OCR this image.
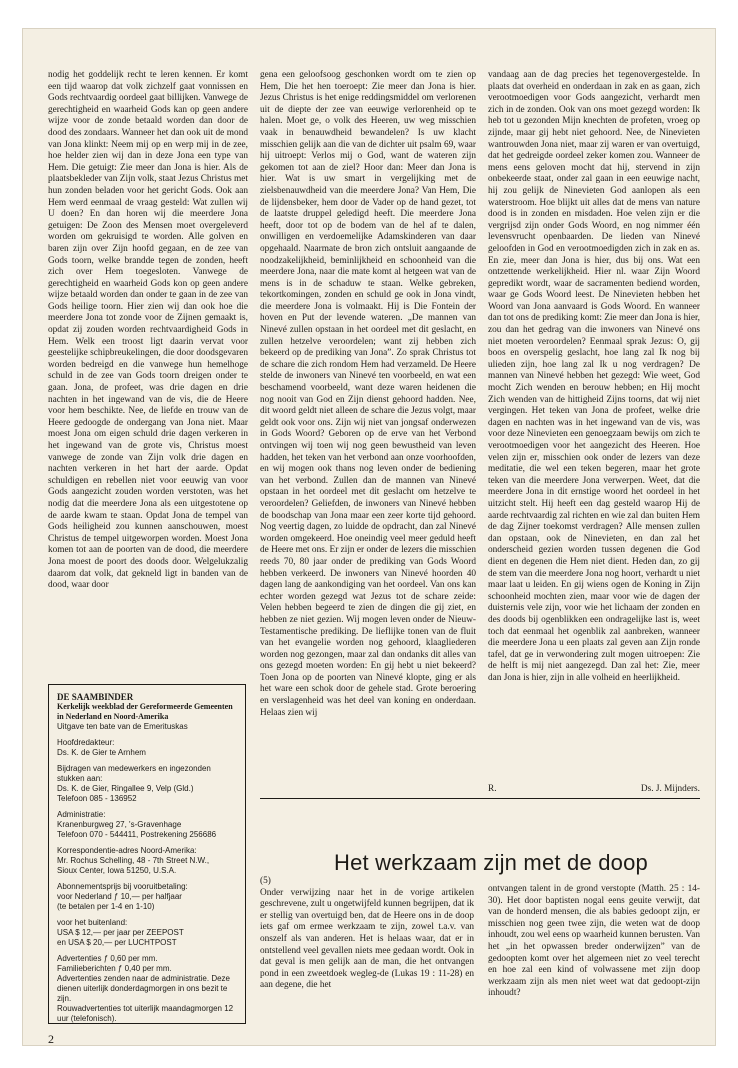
nodig het goddelijk recht te leren kennen. Er komt een tijd waarop dat volk zichzelf gaat vonnissen en Gods rechtvaardig oordeel gaat billijken. Vanwege de gerechtigheid en waarheid Gods kan op geen andere wijze voor de zonde betaald worden dan door de dood des zondaars. Wanneer het dan ook uit de mond van Jona klinkt: Neem mij op en werp mij in de zee, hoe helder zien wij dan in deze Jona een type van Hem. Die getuigt: Zie meer dan Jona is hier. Als de plaatsbekleder van Zijn volk, staat Jezus Christus met hun zonden beladen voor het gericht Gods. Ook aan Hem werd eenmaal de vraag gesteld: Wat zullen wij U doen? En dan horen wij die meerdere Jona getuigen: De Zoon des Mensen moet overgeleverd worden om gekruisigd te worden. Alle golven en baren zijn over Zijn hoofd gegaan, en de zee van Gods toorn, welke brandde tegen de zonden, heeft zich over Hem toegesloten. Vanwege de gerechtigheid en waarheid Gods kon op geen andere wijze betaald worden dan onder te gaan in de zee van Gods heilige toorn. Hier zien wij dan ook hoe die meerdere Jona tot zonde voor de Zijnen gemaakt is, opdat zij zouden worden rechtvaardigheid Gods in Hem. Welk een troost ligt daarin vervat voor geestelijke schipbreukelingen, die door doodsgevaren worden bedreigd en die vanwege hun hemelhoge schuld in de zee van Gods toorn dreigen onder te gaan. Jona, de profeet, was drie dagen en drie nachten in het ingewand van de vis, die de Heere voor hem beschikte. Nee, de liefde en trouw van de Heere gedoogde de ondergang van Jona niet. Maar moest Jona om eigen schuld drie dagen verkeren in het ingewand van de grote vis, Christus moest vanwege de zonde van Zijn volk drie dagen en nachten verkeren in het hart der aarde. Opdat schuldigen en rebellen niet voor eeuwig van voor Gods aangezicht zouden worden verstoten, was het nodig dat die meerdere Jona als een uitgestotene op de aarde kwam te staan. Opdat Jona de tempel van Gods heiligheid zou kunnen aanschouwen, moest Christus de tempel uitgeworpen worden. Moest Jona komen tot aan de poorten van de dood, die meerdere Jona moest de poort des doods door. Welgelukzalig daarom dat volk, dat gekneld ligt in banden van de dood, waar door

gena een geloofsoog geschonken wordt om te zien op Hem, Die het hen toeroept: Zie meer dan Jona is hier. Jezus Christus is het enige reddingsmiddel om verlorenen uit de diepte der zee van eeuwige verlorenheid op te halen. Moet ge, o volk des Heeren, uw weg misschien vaak in benauwdheid bewandelen? Is uw klacht misschien gelijk aan die van de dichter uit psalm 69, waar hij uitroept: Verlos mij o God, want de wateren zijn gekomen tot aan de ziel? Hoor dan: Meer dan Jona is hier. Wat is uw smart in vergelijking met de zielsbenauwdheid van die meerdere Jona? Van Hem, Die de lijdensbeker, hem door de Vader op de hand gezet, tot de laatste druppel geledigd heeft. Die meerdere Jona heeft, door tot op de bodem van de hel af te dalen, onwilligen en verdoemelijke Adamskinderen van daar opgehaald. Naarmate de bron zich ontsluit aangaande de noodzakelijkheid, beminlijkheid en schoonheid van die meerdere Jona, naar die mate komt al hetgeen wat van de mens is in de schaduw te staan. Welke gebreken, tekortkomingen, zonden en schuld ge ook in Jona vindt, die meerdere Jona is volmaakt. Hij is Die Fontein der hoven en Put der levende wateren. „De mannen van Ninevé zullen opstaan in het oordeel met dit geslacht, en zullen hetzelve veroordelen; want zij hebben zich bekeerd op de prediking van Jona”. Zo sprak Christus tot de schare die zich rondom Hem had verzameld. De Heere stelde de inwoners van Ninevé ten voorbeeld, en wat een beschamend voorbeeld, want deze waren heidenen die nog nooit van God en Zijn dienst gehoord hadden. Nee, dit woord geldt niet alleen de schare die Jezus volgt, maar geldt ook voor ons. Zijn wij niet van jongsaf onderwezen in Gods Woord? Geboren op de erve van het Verbond ontvingen wij toen wij nog geen bewustheid van leven hadden, het teken van het verbond aan onze voorhoofden, en wij mogen ook thans nog leven onder de bediening van het verbond. Zullen dan de mannen van Ninevé opstaan in het oordeel met dit geslacht om hetzelve te veroordelen? Geliefden, de inwoners van Ninevé hebben de boodschap van Jona maar een zeer korte tijd gehoord. Nog veertig dagen, zo luidde de opdracht, dan zal Ninevé worden omgekeerd. Hoe oneindig veel meer geduld heeft de Heere met ons. Er zijn er onder de lezers die misschien reeds 70, 80 jaar onder de prediking van Gods Woord hebben verkeerd. De inwoners van Ninevé hoorden 40 dagen lang de aankondiging van het oordeel. Van ons kan echter worden gezegd wat Jezus tot de schare zeide: Velen hebben begeerd te zien de dingen die gij ziet, en hebben ze niet gezien. Wij mogen leven onder de Nieuw-Testamentische prediking. De lieflijke tonen van de fluit van het evangelie worden nog gehoord, klaagliederen worden nog gezongen, maar zal dan ondanks dit alles van ons gezegd moeten worden: En gij hebt u niet bekeerd? Toen Jona op de poorten van Ninevé klopte, ging er als het ware een schok door de gehele stad. Grote beroering en verslagenheid was het deel van koning en onderdaan. Helaas zien wij

vandaag aan de dag precies het tegenovergestelde. In plaats dat overheid en onderdaan in zak en as gaan, zich verootmoedigen voor Gods aangezicht, verhardt men zich in de zonden. Ook van ons moet gezegd worden: Ik heb tot u gezonden Mijn knechten de profeten, vroeg op zijnde, maar gij hebt niet gehoord. Nee, de Ninevieten wantrouwden Jona niet, maar zij waren er van overtuigd, dat het gedreigde oordeel zeker komen zou. Wanneer de mens eens geloven mocht dat hij, stervend in zijn onbekeerde staat, onder zal gaan in een eeuwige nacht, hij zou gelijk de Ninevieten God aanlopen als een waterstroom. Hoe blijkt uit alles dat de mens van nature dood is in zonden en misdaden. Hoe velen zijn er die vergrijsd zijn onder Gods Woord, en nog nimmer één levensvrucht openbaarden. De lieden van Ninevé geloofden in God en verootmoedigden zich in zak en as. En zie, meer dan Jona is hier, dus bij ons. Wat een ontzettende werkelijkheid. Hier nl. waar Zijn Woord gepredikt wordt, waar de sacramenten bediend worden, waar ge Gods Woord leest. De Ninevieten hebben het Woord van Jona aanvaard is Gods Woord. En wanneer dan tot ons de prediking komt: Zie meer dan Jona is hier, zou dan het gedrag van die inwoners van Ninevé ons niet moeten veroordelen? Eenmaal sprak Jezus: O, gij boos en overspelig geslacht, hoe lang zal Ik nog bij ulieden zijn, hoe lang zal Ik u nog verdragen? De mannen van Ninevé hebben het gezegd: Wie weet, God mocht Zich wenden en berouw hebben; en Hij mocht Zich wenden van de hittigheid Zijns toorns, dat wij niet vergingen. Het teken van Jona de profeet, welke drie dagen en nachten was in het ingewand van de vis, was voor deze Ninevieten een genoegzaam bewijs om zich te verootmoedigen voor het aangezicht des Heeren. Hoe velen zijn er, misschien ook onder de lezers van deze meditatie, die wel een teken begeren, maar het grote teken van die meerdere Jona verwerpen. Weet, dat die meerdere Jona in dit ernstige woord het oordeel in het uitzicht stelt. Hij heeft een dag gesteld waarop Hij de aarde rechtvaardig zal richten en wie zal dan buiten Hem de dag Zijner toekomst verdragen? Alle mensen zullen dan opstaan, ook de Ninevieten, en dan zal het onderscheid gezien worden tussen degenen die God dient en degenen die Hem niet dient. Heden dan, zo gij de stem van die meerdere Jona nog hoort, verhardt u niet maar laat u leiden. En gij wiens ogen de Koning in Zijn schoonheid mochten zien, maar voor wie de dagen der duisternis vele zijn, voor wie het lichaam der zonden en des doods bij ogenblikken een ondragelijke last is, weet toch dat eenmaal het ogenblik zal aanbreken, wanneer die meerdere Jona u een plaats zal geven aan Zijn ronde tafel, dat ge in verwondering zult mogen uitroepen: Zie de helft is mij niet aangezegd. Dan zal het: Zie, meer dan Jona is hier, zijn in alle volheid en heerlijkheid.

R.	Ds. J. Mijnders.
DE SAAMBINDER
Kerkelijk weekblad der Gereformeerde Gemeenten in Nederland en Noord-Amerika
Uitgave ten bate van de Emerituskas
Hoofdredakteur:
Ds. K. de Gier te Arnhem
Bijdragen van medewerkers en ingezonden stukken aan:
Ds. K. de Gier, Ringallee 9, Velp (Gld.)
Telefoon 085 - 136952
Administratie:
Kranenburgweg 27, 's-Gravenhage
Telefoon 070 - 544411, Postrekening 256686
Korrespondentie-adres Noord-Amerika:
Mr. Rochus Schelling, 48 - 7th Street N.W.,
Sioux Center, Iowa 51250, U.S.A.
Abonnementsprijs bij vooruitbetaling:
voor Nederland ƒ 10,— per halfjaar
(te betalen per 1-4 en 1-10)
voor het buitenland:
USA $ 12,— per jaar per ZEEPOST
en USA $ 20,— per LUCHTPOST
Advertenties ƒ 0,60 per mm.
Familieberichten ƒ 0,40 per mm.
Advertenties zenden naar de administratie. Deze dienen uiterlijk donderdagmorgen in ons bezit te zijn.
Rouwadvertenties tot uiterlijk maandagmorgen 12 uur (telefonisch).
Het werkzaam zijn met de doop
(5)

Onder verwijzing naar het in de vorige artikelen geschrevene, zult u ongetwijfeld kunnen begrijpen, dat ik er stellig van overtuigd ben, dat de Heere ons in de doop iets gaf om ermee werkzaam te zijn, zowel t.a.v. van onszelf als van anderen. Het is helaas waar, dat er in ontstellend veel gevallen niets mee gedaan wordt. Ook in dat geval is men gelijk aan de man, die het ontvangen pond in een zweetdoek wegleg-de (Lukas 19 : 11-28) en aan degene, die het

ontvangen talent in de grond verstopte (Matth. 25 : 14-30). Het door baptisten nogal eens geuite verwijt, dat van de honderd mensen, die als babies gedoopt zijn, er misschien nog geen twee zijn, die weten wat de doop inhoudt, zou wel eens op waarheid kunnen berusten. Van het „in het opwassen breder onderwijzen” van de gedoopten komt over het algemeen niet zo veel terecht en hoe zal een kind of volwassene met zijn doop werkzaam zijn als men niet weet wat dat gedoopt-zijn inhoudt?

2
